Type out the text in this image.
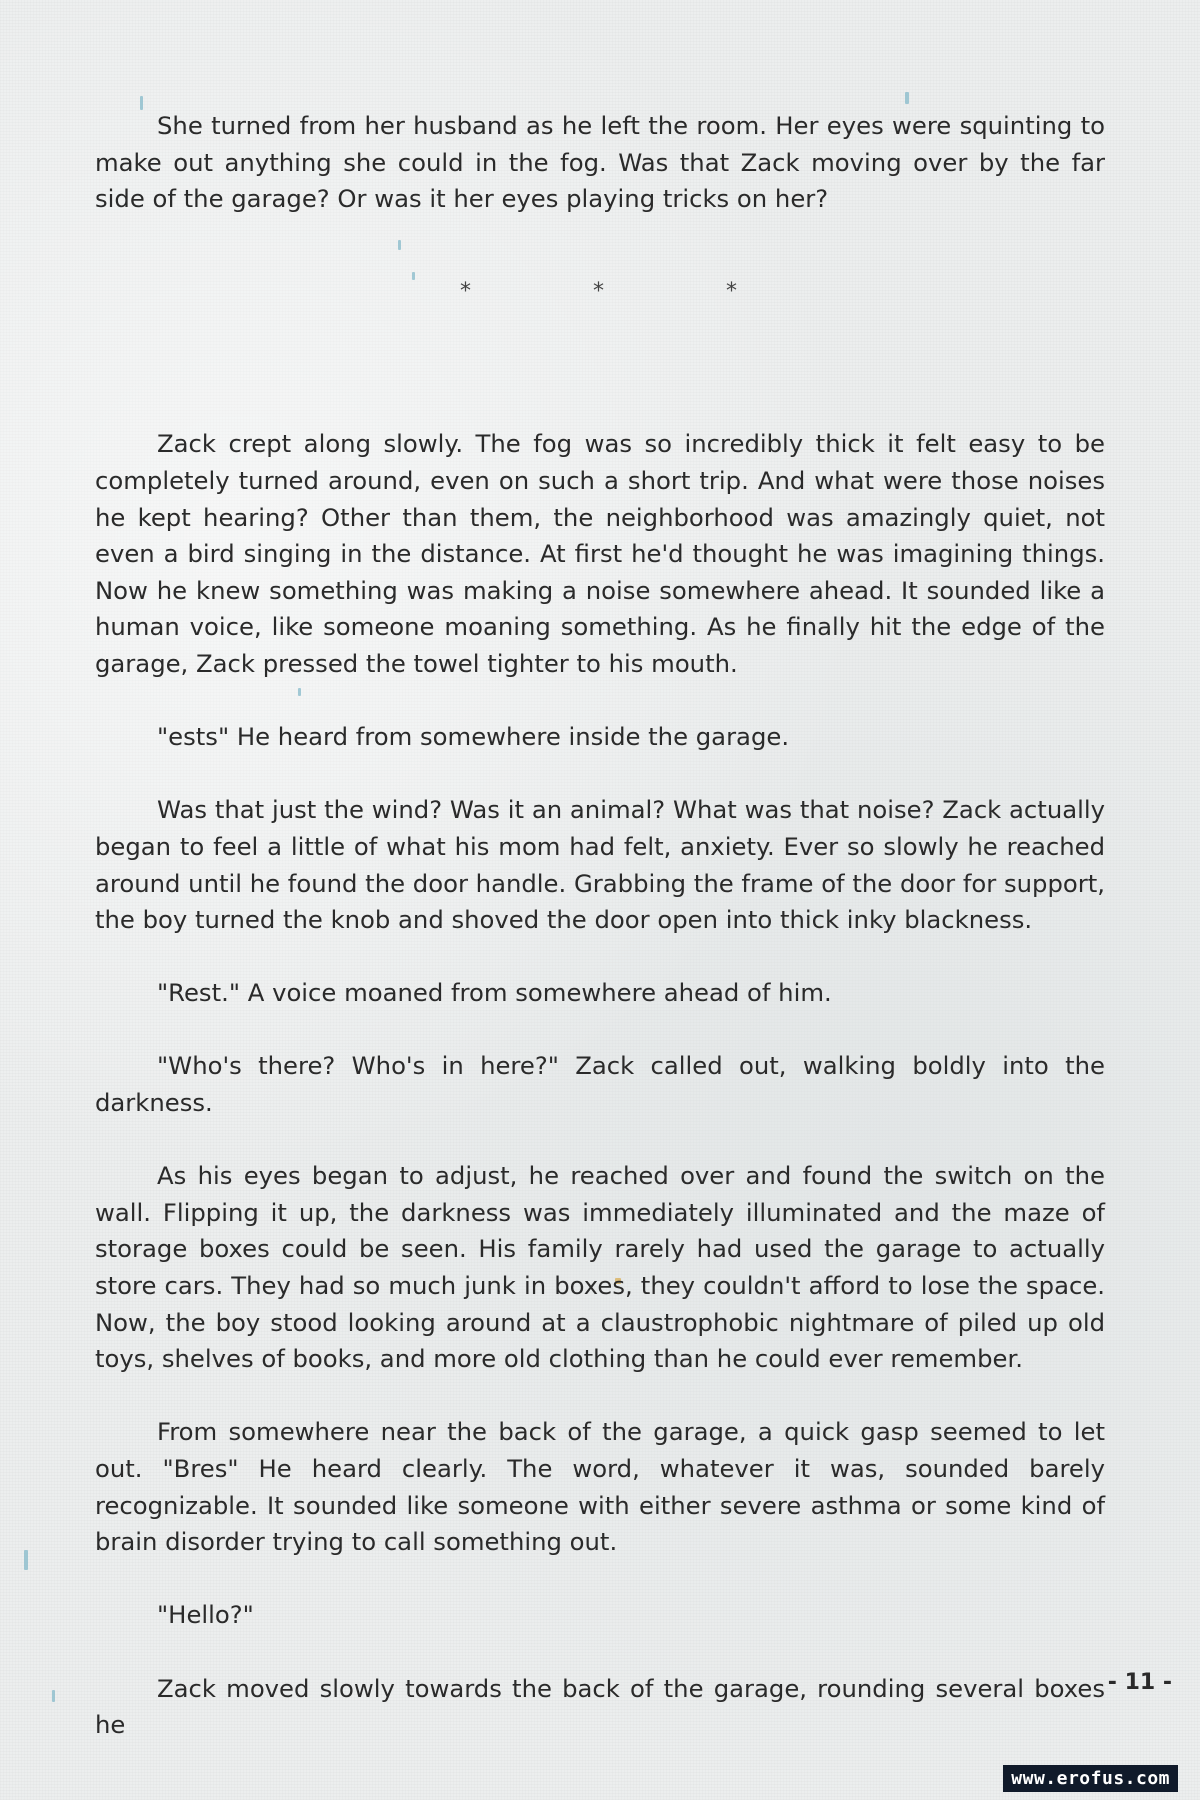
She turned from her husband as he left the room. Her eyes were squinting to make out anything she could in the fog. Was that Zack moving over by the far side of the garage? Or was it her eyes playing tricks on her?

*	*	*

Zack crept along slowly. The fog was so incredibly thick it felt easy to be completely turned around, even on such a short trip. And what were those noises he kept hearing? Other than them, the neighborhood was amazingly quiet, not even a bird singing in the distance. At first he'd thought he was imagining things. Now he knew something was making a noise somewhere ahead. It sounded like a human voice, like someone moaning something. As he finally hit the edge of the garage, Zack pressed the towel tighter to his mouth.

"ests" He heard from somewhere inside the garage.

Was that just the wind? Was it an animal? What was that noise? Zack actually began to feel a little of what his mom had felt, anxiety. Ever so slowly he reached around until he found the door handle. Grabbing the frame of the door for support, the boy turned the knob and shoved the door open into thick inky blackness.

"Rest." A voice moaned from somewhere ahead of him.

"Who's there? Who's in here?" Zack called out, walking boldly into the darkness.

As his eyes began to adjust, he reached over and found the switch on the wall. Flipping it up, the darkness was immediately illuminated and the maze of storage boxes could be seen. His family rarely had used the garage to actually store cars. They had so much junk in boxes, they couldn't afford to lose the space. Now, the boy stood looking around at a claustrophobic nightmare of piled up old toys, shelves of books, and more old clothing than he could ever remember.

From somewhere near the back of the garage, a quick gasp seemed to let out. "Bres" He heard clearly. The word, whatever it was, sounded barely recognizable. It sounded like someone with either severe asthma or some kind of brain disorder trying to call something out.

"Hello?"

Zack moved slowly towards the back of the garage, rounding several boxes he

- 11 -
www.erofus.com
